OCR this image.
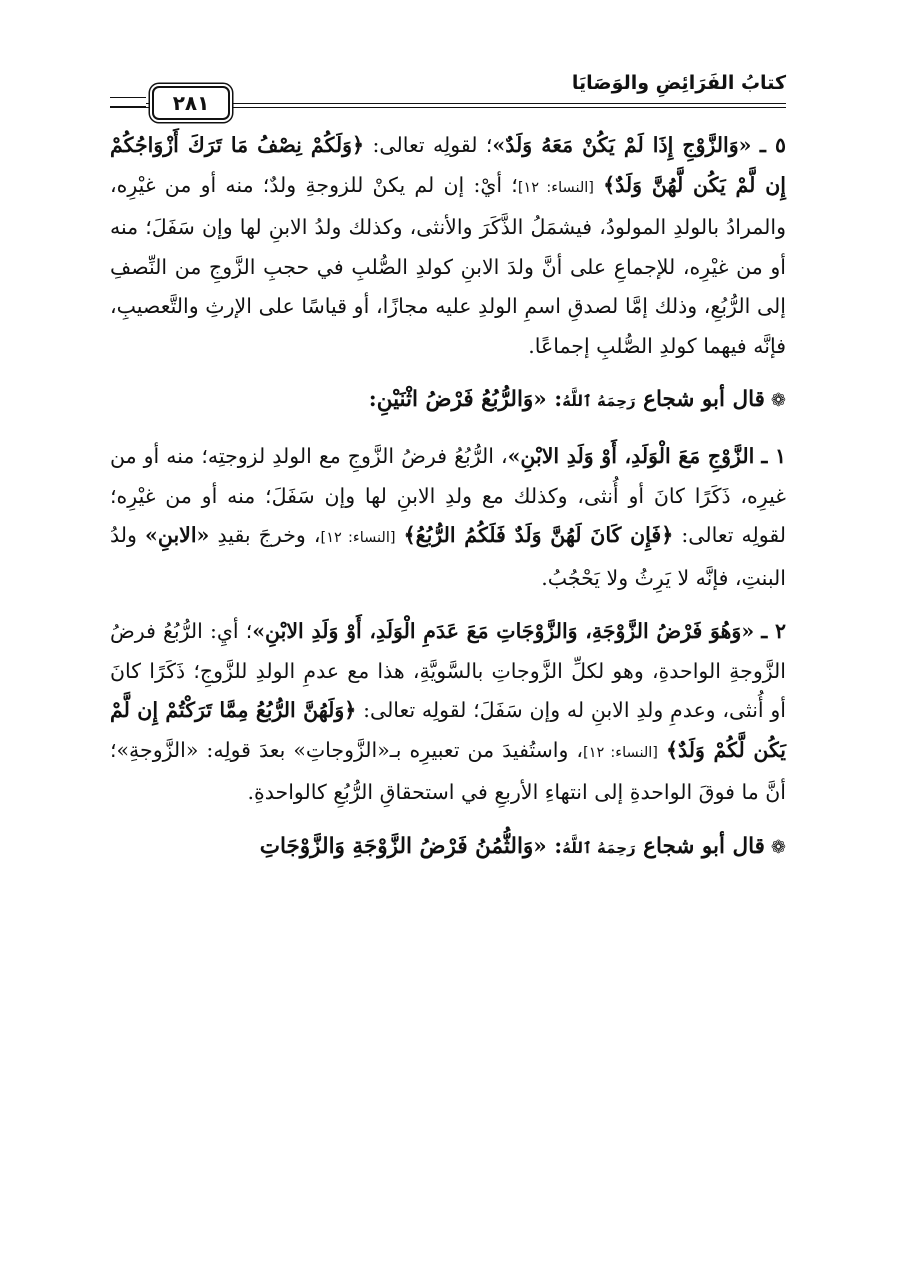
كتابُ الفَرَائِضِ والوَصَايَا
٢٨١

٥ ـ «وَالزَّوْجِ إِذَا لَمْ يَكُنْ مَعَهُ وَلَدٌ»؛ لقولِه تعالى: ﴿وَلَكُمْ نِصْفُ مَا تَرَكَ أَزْوَاجُكُمْ إِن لَّمْ يَكُن لَّهُنَّ وَلَدٌ﴾ [النساء: ١٢]؛ أيْ: إن لم يكنْ للزوجةِ ولدٌ؛ منه أو من غيْرِه، والمرادُ بالولدِ المولودُ، فيشمَلُ الذَّكَرَ والأنثى، وكذلك ولدُ الابنِ لها وإن سَفَلَ؛ منه أو من غيْرِه، للإجماعِ على أنَّ ولدَ الابنِ كولدِ الصُّلبِ في حجبِ الزَّوجِ من النِّصفِ إلى الرُّبُعِ، وذلك إمَّا لصدقِ اسمِ الولدِ عليه مجازًا، أو قياسًا على الإرثِ والتَّعصيبِ، فإنَّه فيهما كولدِ الصُّلبِ إجماعًا.

❁قال أبو شجاع رَحِمَهُ ٱللَّهُ: «وَالرُّبُعُ فَرْضُ اثْنَيْنِ:

١ ـ الزَّوْجِ مَعَ الْوَلَدِ، أَوْ وَلَدِ الابْنِ»، الرُّبُعُ فرضُ الزَّوجِ مع الولدِ لزوجتِه؛ منه أو من غيرِه، ذَكَرًا كانَ أو أُنثى، وكذلك مع ولدِ الابنِ لها وإن سَفَلَ؛ منه أو من غيْرِه؛ لقولِه تعالى: ﴿فَإِن كَانَ لَهُنَّ وَلَدٌ فَلَكُمُ الرُّبُعُ﴾ [النساء: ١٢]، وخرجَ بقيدِ «الابنِ» ولدُ البنتِ، فإنَّه لا يَرِثُ ولا يَحْجُبُ.

٢ ـ «وَهُوَ فَرْضُ الزَّوْجَةِ، وَالزَّوْجَاتِ مَعَ عَدَمِ الْوَلَدِ، أَوْ وَلَدِ الابْنِ»؛ أيِ: الرُّبُعُ فرضُ الزَّوجةِ الواحدةِ، وهو لكلِّ الزَّوجاتِ بالسَّويَّةِ، هذا مع عدمِ الولدِ للزَّوجِ؛ ذَكَرًا كانَ أو أُنثى، وعدمِ ولدِ الابنِ له وإن سَفَلَ؛ لقولِه تعالى: ﴿وَلَهُنَّ الرُّبُعُ مِمَّا تَرَكْتُمْ إِن لَّمْ يَكُن لَّكُمْ وَلَدٌ﴾ [النساء: ١٢]، واستُفيدَ من تعبيرِه بـ«الزَّوجاتِ» بعدَ قولِه: «الزَّوجةِ»؛ أنَّ ما فوقَ الواحدةِ إلى انتهاءِ الأربعِ في استحقاقِ الرُّبُعِ كالواحدةِ.

❁قال أبو شجاع رَحِمَهُ ٱللَّهُ: «وَالثُّمُنُ فَرْضُ الزَّوْجَةِ وَالزَّوْجَاتِ
